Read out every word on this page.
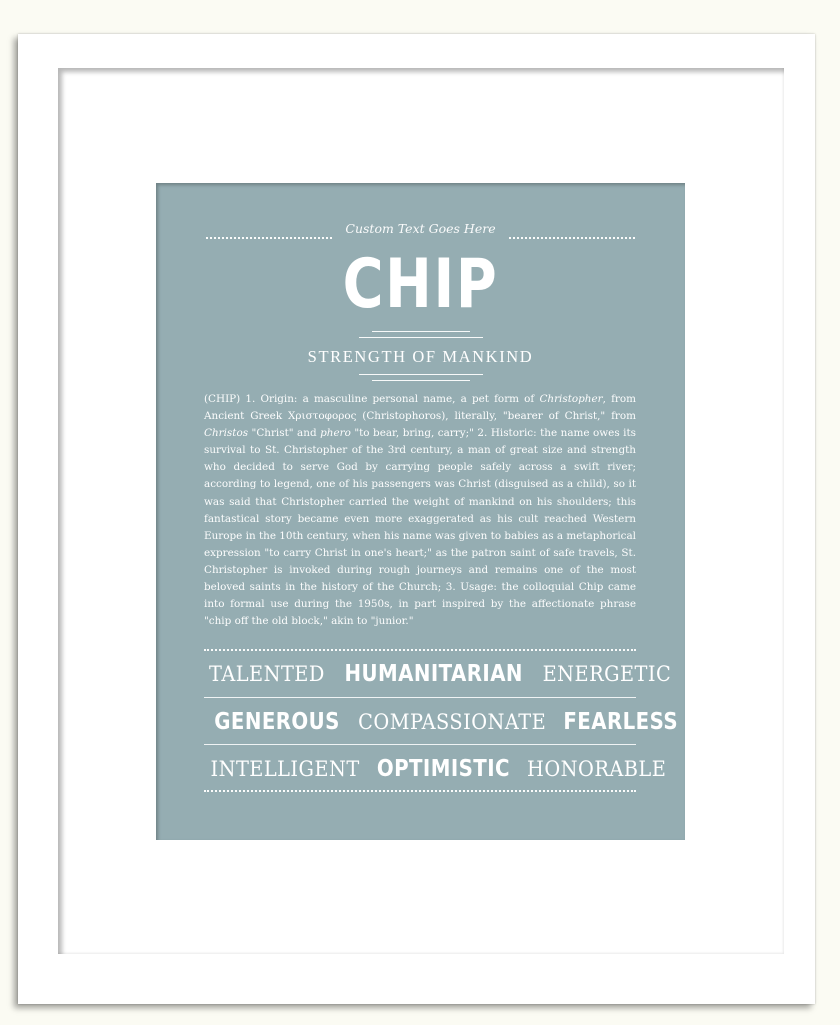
Custom Text Goes Here
CHIP
STRENGTH OF MANKIND
(CHIP) 1. Origin: a masculine personal name, a pet form of Christopher, from Ancient Greek Χριστοφορος (Christophoros), literally, "bearer of Christ," from Christos "Christ" and phero "to bear, bring, carry;" 2. Historic: the name owes its survival to St. Christopher of the 3rd century, a man of great size and strength who decided to serve God by carrying people safely across a swift river; according to legend, one of his passengers was Christ (disguised as a child), so it was said that Christopher carried the weight of mankind on his shoulders; this fantastical story became even more exaggerated as his cult reached Western Europe in the 10th century, when his name was given to babies as a metaphorical expression "to carry Christ in one's heart;" as the patron saint of safe travels, St. Christopher is invoked during rough journeys and remains one of the most beloved saints in the history of the Church; 3. Usage: the colloquial Chip came into formal use during the 1950s, in part inspired by the affectionate phrase "chip off the old block," akin to "junior."
TALENTED HUMANITARIAN ENERGETIC
GENEROUS COMPASSIONATE FEARLESS
INTELLIGENT OPTIMISTIC HONORABLE
